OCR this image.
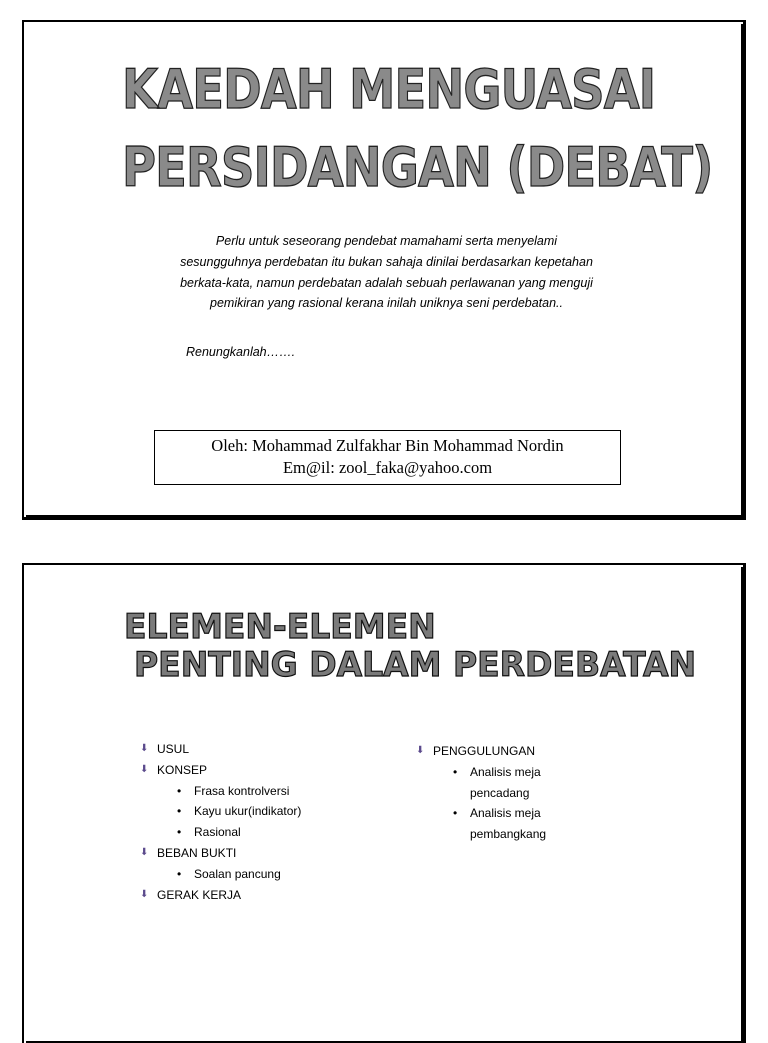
KAEDAH MENGUASAI
PERSIDANGAN (DEBAT)

Perlu untuk seseorang pendebat mamahami serta menyelami sesungguhnya perdebatan itu bukan sahaja dinilai berdasarkan kepetahan berkata-kata, namun perdebatan adalah sebuah perlawanan yang menguji pemikiran yang rasional kerana inilah uniknya seni perdebatan..

Renungkanlah…….

Oleh: Mohammad Zulfakhar Bin Mohammad Nordin
Em@il: zool_faka@yahoo.com
ELEMEN-ELEMEN
PENTING DALAM PERDEBATAN
⬇ USUL
⬇ KONSEP
• Frasa kontrolversi
• Kayu ukur(indikator)
• Rasional
⬇ BEBAN BUKTI
• Soalan pancung
⬇ GERAK KERJA
⬇ PENGGULUNGAN
• Analisis meja pencadang
• Analisis meja pembangkang
